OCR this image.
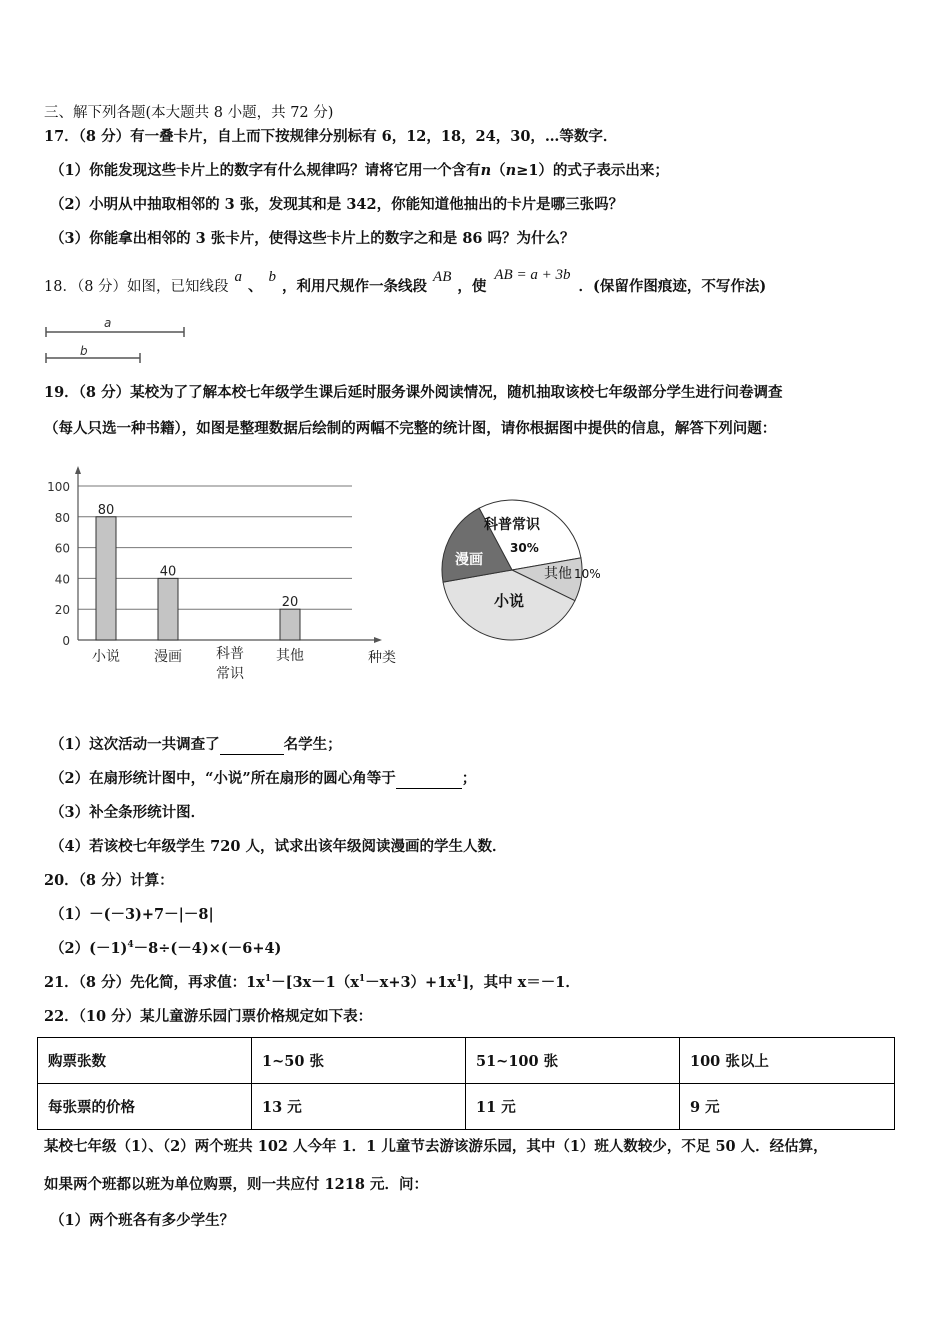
三、解下列各题(本大题共 8 小题，共 72 分)
17．（8 分）有一叠卡片，自上而下按规律分别标有 6，12，18，24，30，…等数字．
（1）你能发现这些卡片上的数字有什么规律吗？请将它用一个含有n（n≥1）的式子表示出来；
（2）小明从中抽取相邻的 3 张，发现其和是 342，你能知道他抽出的卡片是哪三张吗？
（3）你能拿出相邻的 3 张卡片，使得这些卡片上的数字之和是 86 吗？为什么？
18．（8 分）如图，已知线段a、b，利用尺规作一条线段AB，使AB = a + 3b．(保留作图痕迹，不写作法)
a
b
19．（8 分）某校为了了解本校七年级学生课后延时服务课外阅读情况，随机抽取该校七年级部分学生进行问卷调查
（每人只选一种书籍），如图是整理数据后绘制的两幅不完整的统计图，请你根据图中提供的信息，解答下列问题：
0
20
40
60
80
100
80
40
20
小说 漫画 科普
常识
其他	种类
科普常识
30%
漫画
其他 10%
小说
（1）这次活动一共调查了	名学生；
（2）在扇形统计图中，“小说”所在扇形的圆心角等于	；
（3）补全条形统计图．
（4）若该校七年级学生 720 人，试求出该年级阅读漫画的学生人数．
20．（8 分）计算：
（1）－(－3)+7－|－8|
$(2)(-1)^4-8\div(-4)\times(-6+4)$
21．（8 分）先化简，再求值：$1x^1-[3x-1(x^1-x+3)+1x^1]$，其中 x＝－1．
22．（10 分）某儿童游乐园门票价格规定如下表：
购票张数	1~50 张	51~100 张	100 张以上
每张票的价格	13 元	11 元	9 元
某校七年级（1）、（2）两个班共 102 人今年 1．1 儿童节去游该游乐园，其中（1）班人数较少，不足 50 人．经估算，
如果两个班都以班为单位购票，则一共应付 1218 元．问：
（1）两个班各有多少学生？
